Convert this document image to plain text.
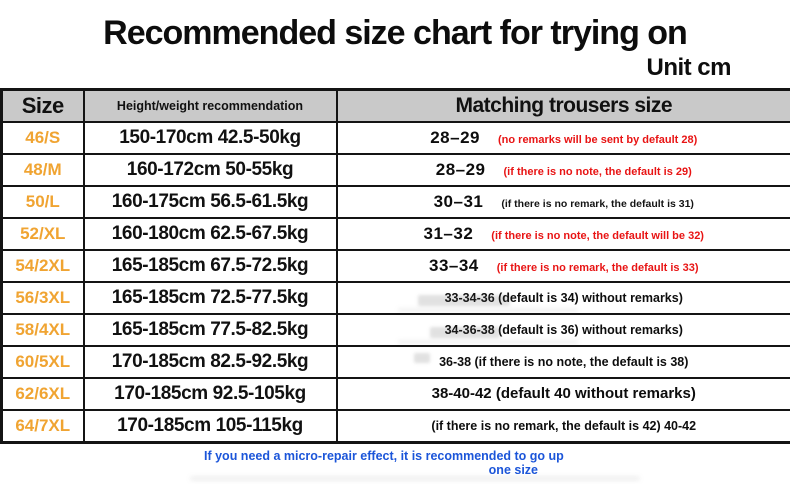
Recommended size chart for trying on
Unit cm
Size	Height/weight recommendation	Matching trousers size
46/S	150-170cm 42.5-50kg	28–29 (no remarks will be sent by default 28)
48/M	160-172cm 50-55kg	28–29 (if there is no note, the default is 29)
50/L	160-175cm 56.5-61.5kg	30–31 (if there is no remark, the default is 31)
52/XL	160-180cm 62.5-67.5kg	31–32 (if there is no note, the default will be 32)
54/2XL	165-185cm 67.5-72.5kg	33–34 (if there is no remark, the default is 33)
56/3XL	165-185cm 72.5-77.5kg	33-34-36 (default is 34) without remarks)
58/4XL	165-185cm 77.5-82.5kg	34-36-38 (default is 36) without remarks)
60/5XL	170-185cm 82.5-92.5kg	36-38 (if there is no note, the default is 38)
62/6XL	170-185cm 92.5-105kg	38-40-42 (default 40 without remarks)
64/7XL	170-185cm 105-115kg	(if there is no remark, the default is 42) 40-42
If you need a micro-repair effect, it is recommended to go up
one size
